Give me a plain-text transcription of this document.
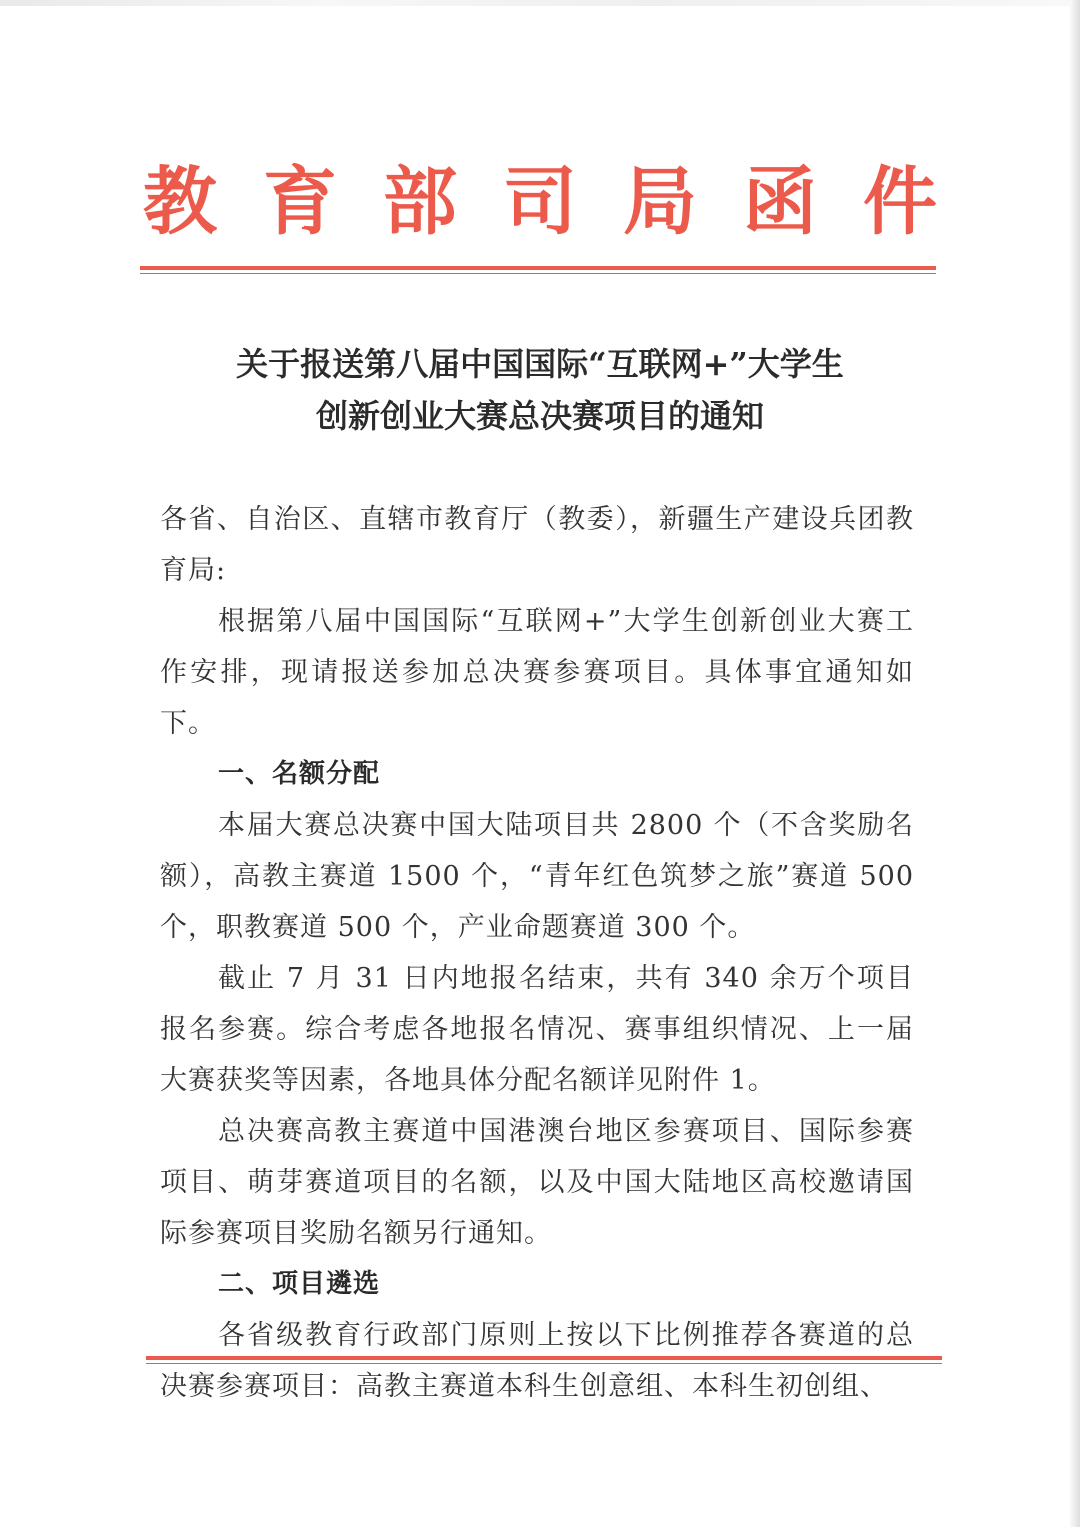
教 育 部 司 局 函 件
关于报送第八届中国国际“互联网+”大学生
创新创业大赛总决赛项目的通知

各省、自治区、直辖市教育厅（教委），新疆生产建设兵团教育局:

根据第八届中国国际“互联网+”大学生创新创业大赛工作安排，现请报送参加总决赛参赛项目。具体事宜通知如下。

一、名额分配

本届大赛总决赛中国大陆项目共 2800 个（不含奖励名额），高教主赛道 1500 个，“青年红色筑梦之旅”赛道 500 个，职教赛道 500 个，产业命题赛道 300 个。

截止 7 月 31 日内地报名结束，共有 340 余万个项目报名参赛。综合考虑各地报名情况、赛事组织情况、上一届大赛获奖等因素，各地具体分配名额详见附件 1。

总决赛高教主赛道中国港澳台地区参赛项目、国际参赛项目、萌芽赛道项目的名额，以及中国大陆地区高校邀请国际参赛项目奖励名额另行通知。

二、项目遴选

各省级教育行政部门原则上按以下比例推荐各赛道的总决赛参赛项目：高教主赛道本科生创意组、本科生初创组、
